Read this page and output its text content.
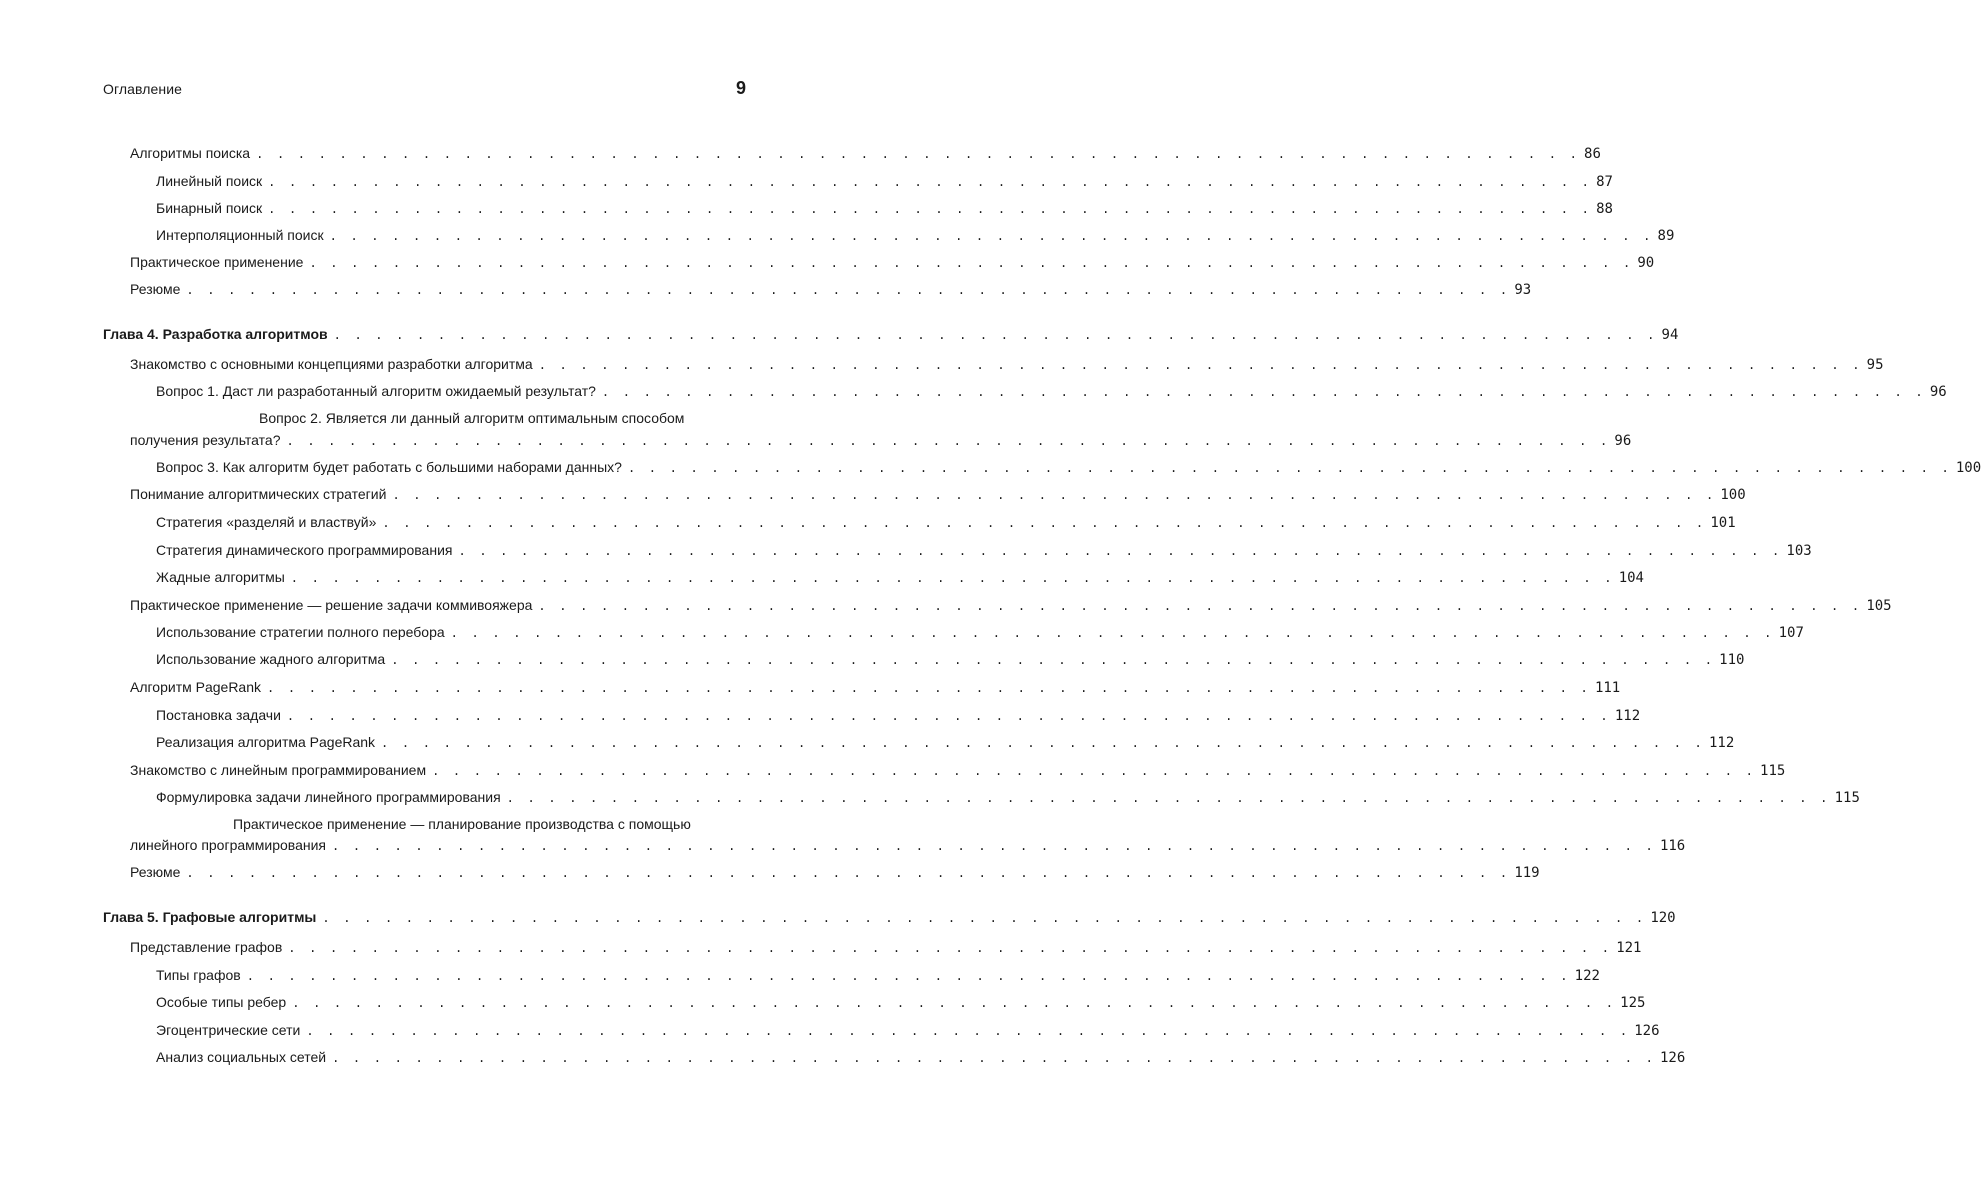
Оглавление	9
Алгоритмы поиска . . . . . . . . . . . . . . . . . . . . . . . . . . . . . . . . . . . . . . . . . . . . . . . . . . . . . . . . . . . . . . . . 86
Линейный поиск . . . . . . . . . . . . . . . . . . . . . . . . . . . . . . . . . . . . . . . . . . . . . . . . . . . . . . . . . . . . . . . . 87
Бинарный поиск . . . . . . . . . . . . . . . . . . . . . . . . . . . . . . . . . . . . . . . . . . . . . . . . . . . . . . . . . . . . . . . . 88
Интерполяционный поиск . . . . . . . . . . . . . . . . . . . . . . . . . . . . . . . . . . . . . . . . . . . . . . . . . . . . . . . . . . . . . . . . 89
Практическое применение . . . . . . . . . . . . . . . . . . . . . . . . . . . . . . . . . . . . . . . . . . . . . . . . . . . . . . . . . . . . . . . . 90
Резюме . . . . . . . . . . . . . . . . . . . . . . . . . . . . . . . . . . . . . . . . . . . . . . . . . . . . . . . . . . . . . . . . 93
Глава 4. Разработка алгоритмов . . . . . . . . . . . . . . . . . . . . . . . . . . . . . . . . . . . . . . . . . . . . . . . . . . . . . . . . . . . . . . . . 94
Знакомство с основными концепциями разработки алгоритма . . . . . . . . . . . . . . . . . . . . . . . . . . . . . . . . . . . . . . . . . . . . . . . . . . . . . . . . . . . . . . . . 95
Вопрос 1. Даст ли разработанный алгоритм ожидаемый результат? . . . . . . . . . . . . . . . . . . . . . . . . . . . . . . . . . . . . . . . . . . . . . . . . . . . . . . . . . . . . . . . . 96
Вопрос 2. Является ли данный алгоритм оптимальным способом
получения результата? . . . . . . . . . . . . . . . . . . . . . . . . . . . . . . . . . . . . . . . . . . . . . . . . . . . . . . . . . . . . . . . . 96
Вопрос 3. Как алгоритм будет работать с большими наборами данных? . . . . . . . . . . . . . . . . . . . . . . . . . . . . . . . . . . . . . . . . . . . . . . . . . . . . . . . . . . . . . . . . 100
Понимание алгоритмических стратегий . . . . . . . . . . . . . . . . . . . . . . . . . . . . . . . . . . . . . . . . . . . . . . . . . . . . . . . . . . . . . . . . 100
Стратегия «разделяй и властвуй» . . . . . . . . . . . . . . . . . . . . . . . . . . . . . . . . . . . . . . . . . . . . . . . . . . . . . . . . . . . . . . . . 101
Стратегия динамического программирования . . . . . . . . . . . . . . . . . . . . . . . . . . . . . . . . . . . . . . . . . . . . . . . . . . . . . . . . . . . . . . . . 103
Жадные алгоритмы . . . . . . . . . . . . . . . . . . . . . . . . . . . . . . . . . . . . . . . . . . . . . . . . . . . . . . . . . . . . . . . . 104
Практическое применение — решение задачи коммивояжера . . . . . . . . . . . . . . . . . . . . . . . . . . . . . . . . . . . . . . . . . . . . . . . . . . . . . . . . . . . . . . . . 105
Использование стратегии полного перебора . . . . . . . . . . . . . . . . . . . . . . . . . . . . . . . . . . . . . . . . . . . . . . . . . . . . . . . . . . . . . . . . 107
Использование жадного алгоритма . . . . . . . . . . . . . . . . . . . . . . . . . . . . . . . . . . . . . . . . . . . . . . . . . . . . . . . . . . . . . . . . 110
Алгоритм PageRank . . . . . . . . . . . . . . . . . . . . . . . . . . . . . . . . . . . . . . . . . . . . . . . . . . . . . . . . . . . . . . . . 111
Постановка задачи . . . . . . . . . . . . . . . . . . . . . . . . . . . . . . . . . . . . . . . . . . . . . . . . . . . . . . . . . . . . . . . . 112
Реализация алгоритма PageRank . . . . . . . . . . . . . . . . . . . . . . . . . . . . . . . . . . . . . . . . . . . . . . . . . . . . . . . . . . . . . . . . 112
Знакомство с линейным программированием . . . . . . . . . . . . . . . . . . . . . . . . . . . . . . . . . . . . . . . . . . . . . . . . . . . . . . . . . . . . . . . . 115
Формулировка задачи линейного программирования . . . . . . . . . . . . . . . . . . . . . . . . . . . . . . . . . . . . . . . . . . . . . . . . . . . . . . . . . . . . . . . . 115
Практическое применение — планирование производства с помощью
линейного программирования . . . . . . . . . . . . . . . . . . . . . . . . . . . . . . . . . . . . . . . . . . . . . . . . . . . . . . . . . . . . . . . . 116
Резюме . . . . . . . . . . . . . . . . . . . . . . . . . . . . . . . . . . . . . . . . . . . . . . . . . . . . . . . . . . . . . . . . 119
Глава 5. Графовые алгоритмы . . . . . . . . . . . . . . . . . . . . . . . . . . . . . . . . . . . . . . . . . . . . . . . . . . . . . . . . . . . . . . . . 120
Представление графов . . . . . . . . . . . . . . . . . . . . . . . . . . . . . . . . . . . . . . . . . . . . . . . . . . . . . . . . . . . . . . . . 121
Типы графов . . . . . . . . . . . . . . . . . . . . . . . . . . . . . . . . . . . . . . . . . . . . . . . . . . . . . . . . . . . . . . . . 122
Особые типы ребер . . . . . . . . . . . . . . . . . . . . . . . . . . . . . . . . . . . . . . . . . . . . . . . . . . . . . . . . . . . . . . . . 125
Эгоцентрические сети . . . . . . . . . . . . . . . . . . . . . . . . . . . . . . . . . . . . . . . . . . . . . . . . . . . . . . . . . . . . . . . . 126
Анализ социальных сетей . . . . . . . . . . . . . . . . . . . . . . . . . . . . . . . . . . . . . . . . . . . . . . . . . . . . . . . . . . . . . . . . 126
